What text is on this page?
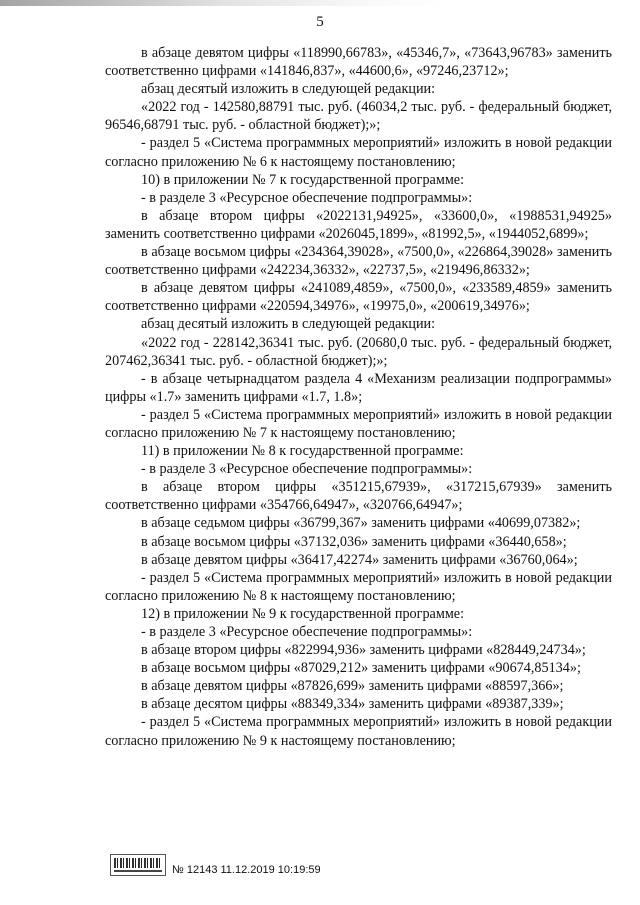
5

в абзаце девятом цифры «118990,66783», «45346,7», «73643,96783» заменить соответственно цифрами «141846,837», «44600,6», «97246,23712»;

абзац десятый изложить в следующей редакции:

«2022 год - 142580,88791 тыс. руб. (46034,2 тыс. руб. - федеральный бюджет, 96546,68791 тыс. руб. - областной бюджет);»;

- раздел 5 «Система программных мероприятий» изложить в новой редакции согласно приложению № 6 к настоящему постановлению;

10) в приложении № 7 к государственной программе:

- в разделе 3 «Ресурсное обеспечение подпрограммы»:

в абзаце втором цифры «2022131,94925», «33600,0», «1988531,94925» заменить соответственно цифрами «2026045,1899», «81992,5», «1944052,6899»;

в абзаце восьмом цифры «234364,39028», «7500,0», «226864,39028» заменить соответственно цифрами «242234,36332», «22737,5», «219496,86332»;

в абзаце девятом цифры «241089,4859», «7500,0», «233589,4859» заменить соответственно цифрами «220594,34976», «19975,0», «200619,34976»;

абзац десятый изложить в следующей редакции:

«2022 год - 228142,36341 тыс. руб. (20680,0 тыс. руб. - федеральный бюджет, 207462,36341 тыс. руб. - областной бюджет);»;

- в абзаце четырнадцатом раздела 4 «Механизм реализации подпрограммы» цифры «1.7» заменить цифрами «1.7, 1.8»;

- раздел 5 «Система программных мероприятий» изложить в новой редакции согласно приложению № 7 к настоящему постановлению;

11) в приложении № 8 к государственной программе:

- в разделе 3 «Ресурсное обеспечение подпрограммы»:

в абзаце втором цифры «351215,67939», «317215,67939» заменить соответственно цифрами «354766,64947», «320766,64947»;

в абзаце седьмом цифры «36799,367» заменить цифрами «40699,07382»;

в абзаце восьмом цифры «37132,036» заменить цифрами «36440,658»;

в абзаце девятом цифры «36417,42274» заменить цифрами «36760,064»;

- раздел 5 «Система программных мероприятий» изложить в новой редакции согласно приложению № 8 к настоящему постановлению;

12) в приложении № 9 к государственной программе:

- в разделе 3 «Ресурсное обеспечение подпрограммы»:

в абзаце втором цифры «822994,936» заменить цифрами «828449,24734»;

в абзаце восьмом цифры «87029,212» заменить цифрами «90674,85134»;

в абзаце девятом цифры «87826,699» заменить цифрами «88597,366»;

в абзаце десятом цифры «88349,334» заменить цифрами «89387,339»;

- раздел 5 «Система программных мероприятий» изложить в новой редакции согласно приложению № 9 к настоящему постановлению;

№ 12143 11.12.2019 10:19:59
